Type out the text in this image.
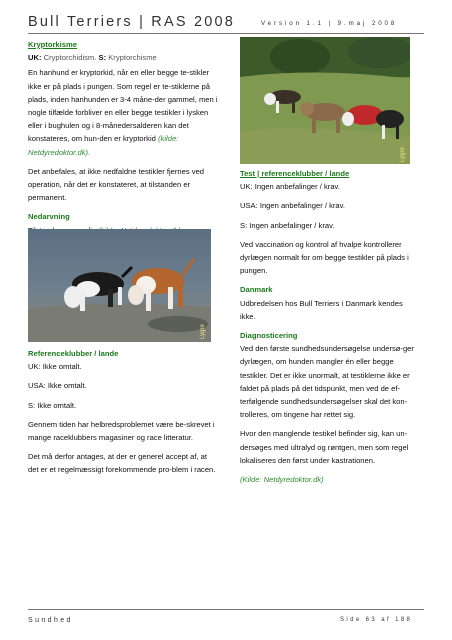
Bull Terriers | RAS 2008	Version 1.1 | 9.maj 2008
Kryptorkisme

UK: Cryptorchidism. S: Kryptorchisme

En hanhund er kryptorkid, når en eller begge te-stikler ikke er på plads i pungen. Som regel er te-stiklerne på plads, inden hanhunden er 3-4 måne-der gammel, men i nogle tilfælde forbliver en eller begge testikler i lysken eller i bughulen og i 8-månedersalderen kan det konstateres, om hun-den er kryptorkid (kilde: Netdyredoktor.dk).

Det anbefales, at ikke nedfaldne testikler fjernes ved operation, når det er konstateret, at tilstanden er permanent.

Nedarvning

Lygre
Referenceklubber / lande

UK: Ikke omtalt.

USA: Ikke omtalt.

S: Ikke omtalt.

Gennem tiden har helbredsproblemet være be-skrevet i mange raceklubbers magasiner og race litteratur.

Det må derfor antages, at der er generel accept af, at det er et regelmæssigt forekommende pro-blem i racen.

Lygre
Test | referenceklubber / lande

UK: Ingen anbefalinger / krav.

USA: Ingen anbefalinger / krav.

S: Ingen anbefalinger / krav.

Ved vaccination og kontrol af hvalpe kontrollerer dyrlægen normalt for om begge testikler på plads i pungen.

Danmark

Udbredelsen hos Bull Terriers i Danmark kendes ikke.

Diagnosticering

Ved den første sundhedsundersøgelse undersø-ger dyrlægen, om hunden mangler én eller begge testikler. Det er ikke unormalt, at testiklerne ikke er faldet på plads på det tidspunkt, men ved de ef-terfølgende sundhedsundersøgelser skal det kon-trolleres, om tingene har rettet sig.

Hvor den manglende testikel befinder sig, kan un-dersøges med ultralyd og røntgen, men som regel lokaliseres den først under kastrationen.

(Kilde: Netdyredoktor.dk)

Sundhed	Side 63 af 188
